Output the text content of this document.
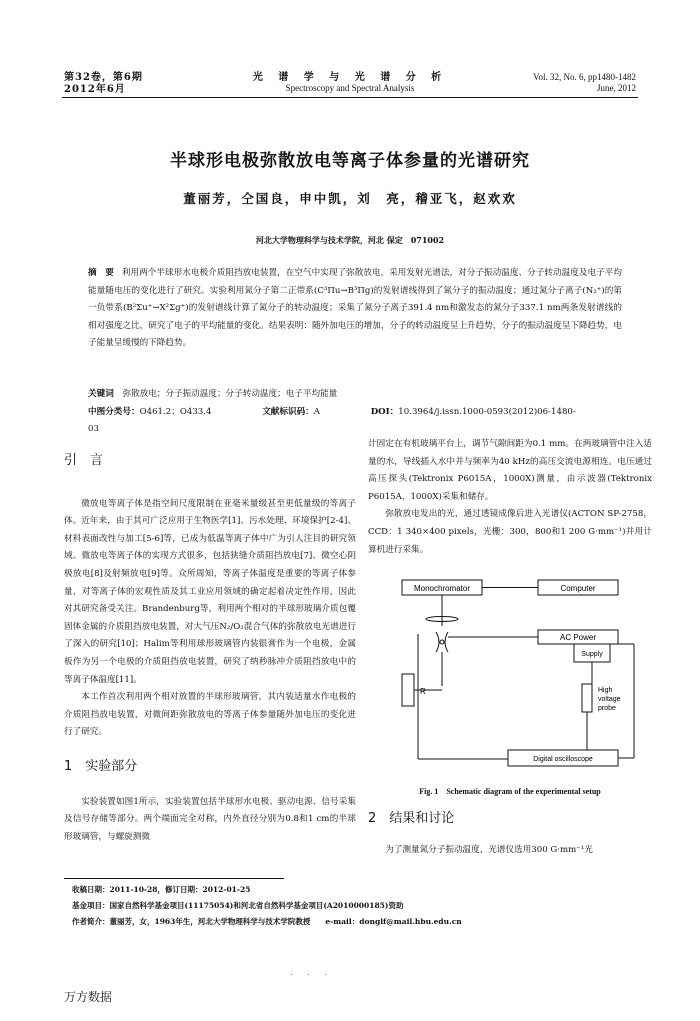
第32卷，第6期
2012年6月
光 谱 学 与 光 谱 分 析
Spectroscopy and Spectral Analysis
Vol. 32, No. 6, pp1480-1482
June, 2012
半球形电极弥散放电等离子体参量的光谱研究
董丽芳，仝国良，申中凯，刘　亮，稽亚飞，赵欢欢
河北大学物理科学与技术学院，河北 保定　071002
摘　要 利用两个半球形水电极介质阻挡放电装置，在空气中实现了弥散放电，采用发射光谱法，对分子振动温度、分子转动温度及电子平均能量随电压的变化进行了研究。实验利用氮分子第二正带系(C³Πu→B³Πg)的发射谱线得到了氮分子的振动温度；通过氮分子离子(N₂⁺)的第一负带系(B²Σu⁺→X²Σg⁺)的发射谱线计算了氮分子的转动温度；采集了氮分子离子391.4 nm和激发态的氮分子337.1 nm两条发射谱线的相对强度之比，研究了电子的平均能量的变化。结果表明：随外加电压的增加，分子的转动温度呈上升趋势，分子的振动温度呈下降趋势，电子能量呈缓慢的下降趋势。
关键词　 弥散放电；分子振动温度；分子转动温度；电子平均能量
中图分类号：O461.2；O433.4	文献标识码：A	DOI：10.3964/j.issn.1000-0593(2012)06-1480-03
引　言

微放电等离子体是指空间尺度限制在亚毫米量级甚至更低量级的等离子体。近年来，由于其可广泛应用于生物医学[1]、污水处理、环境保护[2-4]、材料表面改性与加工[5-6]等，已成为低温等离子体中广为引人注目的研究领域。微放电等离子体的实现方式很多，包括狭缝介质阻挡放电[7]、微空心阴极放电[8]及射频放电[9]等。众所周知，等离子体温度是重要的等离子体参量，对等离子体的宏观性质及其工业应用领域的确定起着决定性作用，因此对其研究备受关注。Brandenburg等，利用两个相对的半球形玻璃介质包覆固体金属的介质阻挡放电装置，对大气压N₂/O₂混合气体的弥散放电光谱进行了深入的研究[10]；Halim等利用球形玻璃管内装银膏作为一个电极，金属板作为另一个电极的介质阻挡放电装置，研究了纳秒脉冲介质阻挡放电中的等离子体温度[11]。

本工作首次利用两个相对放置的半球形玻璃管，其内装适量水作电极的介质阻挡放电装置，对微间距弥散放电的等离子体参量随外加电压的变化进行了研究。

1　实验部分

实验装置如图1所示，实验装置包括半球形水电极、驱动电源、信号采集及信号存储等部分。两个端面完全对称，内外直径分别为0.8和1 cm的半球形玻璃管，与螺旋测微

计固定在有机玻璃平台上，调节气隙间距为0.1 mm。在两玻璃管中注入适量的水，导线插入水中并与频率为40 kHz的高压交流电源相连。电压通过高压探头(Tektronix P6015A，1000X)测量，由示波器(Tektronix P6015A，1000X)采集和储存。

弥散放电发出的光，通过透镜成像后进入光谱仪(ACTON SP-2758，CCD：1 340×400 pixels，光栅：300，800和1 200 G·mm⁻¹)并用计算机进行采集。

Monochromator	Computer
AC Power
Supply
R	High
voltage
probe
Digital oscilloscope
Fig. 1　Schematic diagram of the experimental setup
2　结果和讨论

为了测量氮分子振动温度，光谱仪选用300 G·mm⁻¹光

收稿日期：2011-10-28，修订日期：2012-01-25
基金项目：国家自然科学基金项目(11175054)和河北省自然科学基金项目(A2010000185)资助
作者简介：董丽芳，女，1963年生，河北大学物理科学与技术学院教授　　e-mail：donglf@mail.hbu.edu.cn
. . .
万方数据
